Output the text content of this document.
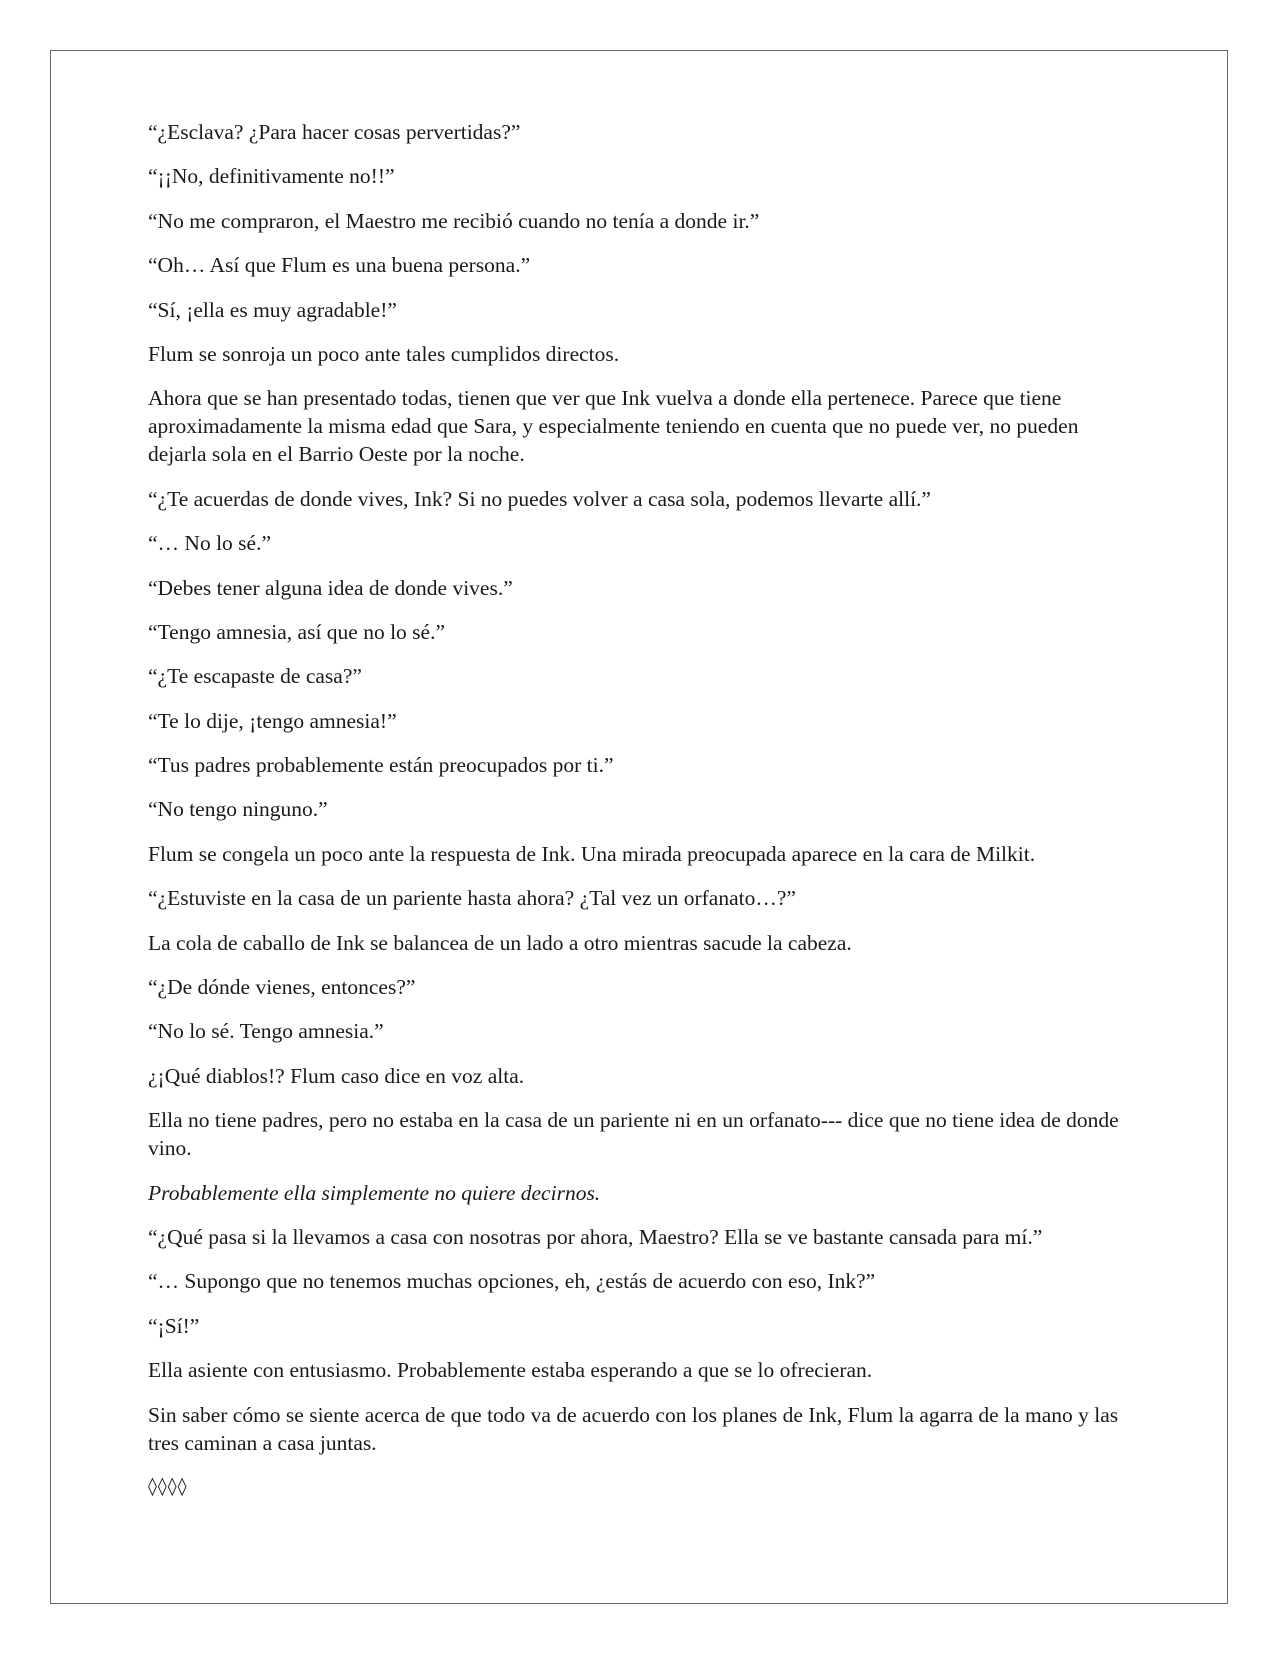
“¿Esclava? ¿Para hacer cosas pervertidas?”

“¡¡No, definitivamente no!!”

“No me compraron, el Maestro me recibió cuando no tenía a donde ir.”

“Oh… Así que Flum es una buena persona.”

“Sí, ¡ella es muy agradable!”

Flum se sonroja un poco ante tales cumplidos directos.

Ahora que se han presentado todas, tienen que ver que Ink vuelva a donde ella pertenece. Parece que tiene aproximadamente la misma edad que Sara, y especialmente teniendo en cuenta que no puede ver, no pueden dejarla sola en el Barrio Oeste por la noche.

“¿Te acuerdas de donde vives, Ink? Si no puedes volver a casa sola, podemos llevarte allí.”

“… No lo sé.”

“Debes tener alguna idea de donde vives.”

“Tengo amnesia, así que no lo sé.”

“¿Te escapaste de casa?”

“Te lo dije, ¡tengo amnesia!”

“Tus padres probablemente están preocupados por ti.”

“No tengo ninguno.”

Flum se congela un poco ante la respuesta de Ink. Una mirada preocupada aparece en la cara de Milkit.

“¿Estuviste en la casa de un pariente hasta ahora? ¿Tal vez un orfanato…?”

La cola de caballo de Ink se balancea de un lado a otro mientras sacude la cabeza.

“¿De dónde vienes, entonces?”

“No lo sé. Tengo amnesia.”

¿¡Qué diablos!? Flum caso dice en voz alta.

Ella no tiene padres, pero no estaba en la casa de un pariente ni en un orfanato--- dice que no tiene idea de donde vino.

Probablemente ella simplemente no quiere decirnos.

“¿Qué pasa si la llevamos a casa con nosotras por ahora, Maestro? Ella se ve bastante cansada para mí.”

“… Supongo que no tenemos muchas opciones, eh, ¿estás de acuerdo con eso, Ink?”

“¡Sí!”

Ella asiente con entusiasmo. Probablemente estaba esperando a que se lo ofrecieran.

Sin saber cómo se siente acerca de que todo va de acuerdo con los planes de Ink, Flum la agarra de la mano y las tres caminan a casa juntas.

◊◊◊◊
